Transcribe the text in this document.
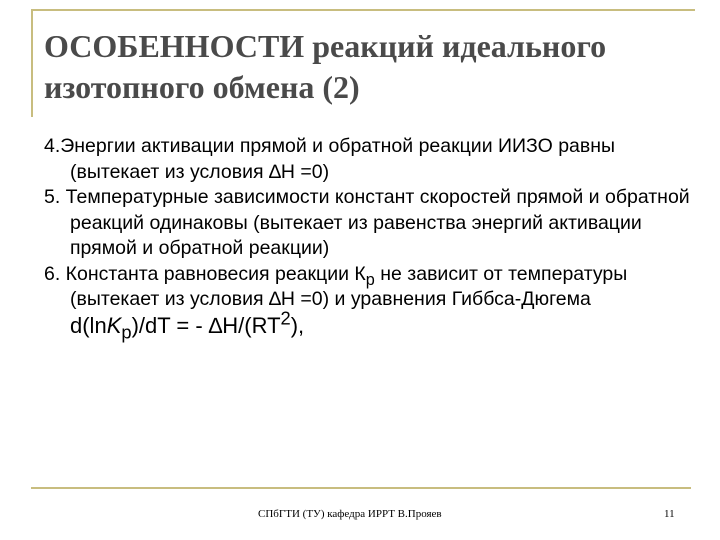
ОСОБЕННОСТИ реакций идеального изотопного обмена (2)
4.Энергии активации прямой и обратной реакции ИИЗО равны (вытекает из условия ∆H =0)
5. Температурные зависимости констант скоростей прямой и обратной реакций одинаковы (вытекает из равенства энергий активации прямой и обратной реакции)
6. Константа равновесия реакции $К_р$ не зависит от температуры (вытекает из условия ∆H =0) и уравнения Гиббса-Дюгема d(lnK$_p$)/dT = - $\Delta H/(RT^2)$,
СПбГТИ (ТУ) кафедра ИРРТ В.Прояев	11
